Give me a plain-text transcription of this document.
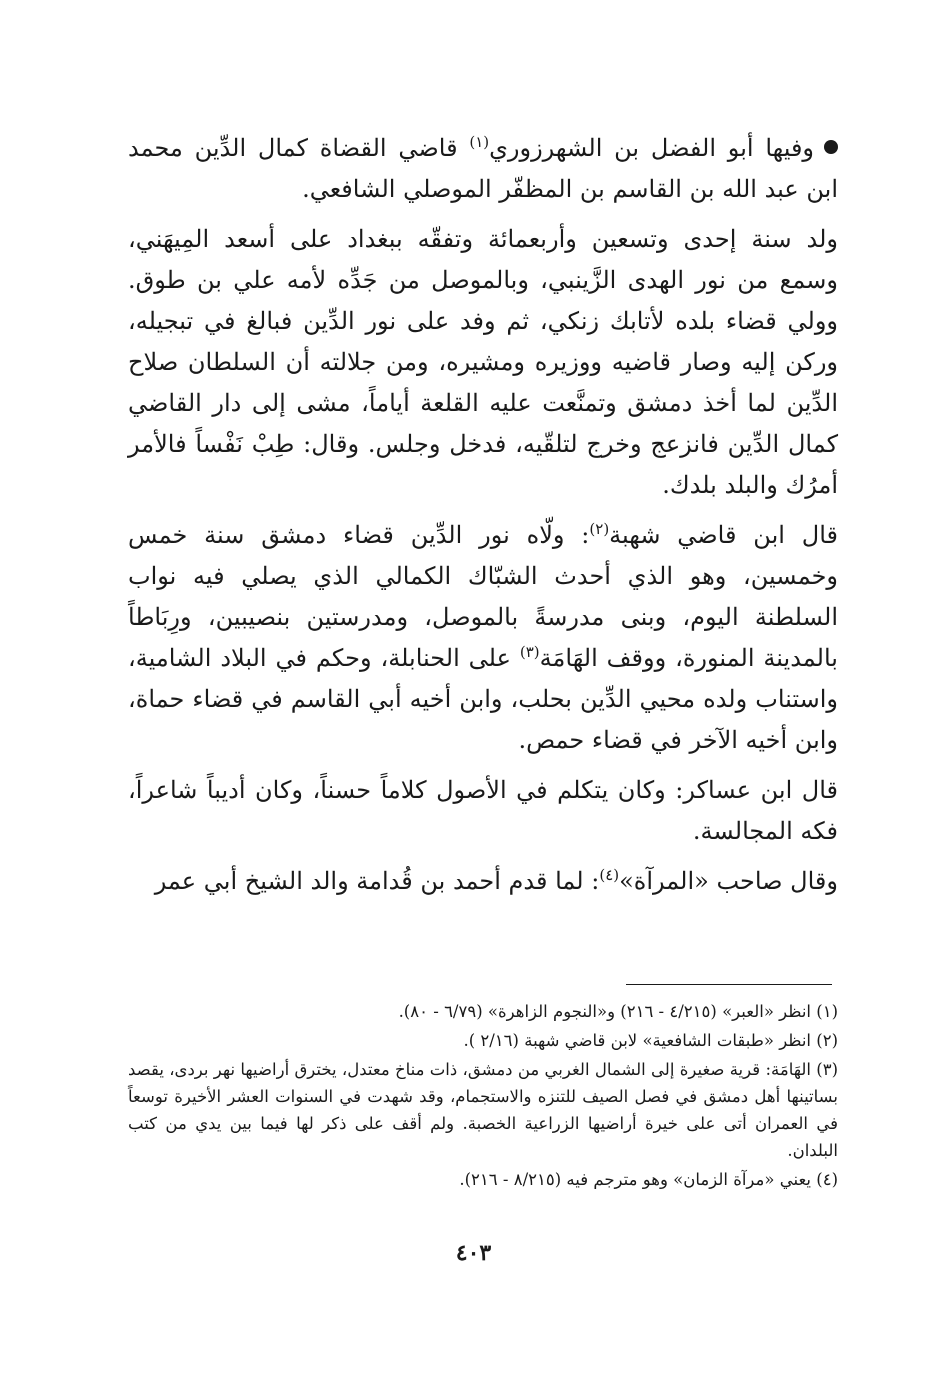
وفيها أبو الفضل بن الشهرزوري$^{(١)}$ قاضي القضاة كمال الدِّين محمد ابن عبد الله بن القاسم بن المظفّر الموصلي الشافعي.

ولد سنة إحدى وتسعين وأربعمائة وتفقّه ببغداد على أسعد المِيهَني، وسمع من نور الهدى الزَّينبي، وبالموصل من جَدِّه لأمه علي بن طوق. وولي قضاء بلده لأتابك زنكي، ثم وفد على نور الدِّين فبالغ في تبجيله، وركن إليه وصار قاضيه ووزيره ومشيره، ومن جلالته أن السلطان صلاح الدِّين لما أخذ دمشق وتمنَّعت عليه القلعة أياماً، مشى إلى دار القاضي كمال الدِّين فانزعج وخرج لتلقّيه، فدخل وجلس. وقال: طِبْ نَفْساً فالأمر أمرُك والبلد بلدك.

قال ابن قاضي شهبة$^{(٢)}$: ولّاه نور الدِّين قضاء دمشق سنة خمس وخمسين، وهو الذي أحدث الشبّاك الكمالي الذي يصلي فيه نواب السلطنة اليوم، وبنى مدرسةً بالموصل، ومدرستين بنصيبين، ورِبَاطاً بالمدينة المنورة، ووقف الهَامَة$^{(٣)}$ على الحنابلة، وحكم في البلاد الشامية، واستناب ولده محيي الدِّين بحلب، وابن أخيه أبي القاسم في قضاء حماة، وابن أخيه الآخر في قضاء حمص.

قال ابن عساكر: وكان يتكلم في الأصول كلاماً حسناً، وكان أديباً شاعراً، فكه المجالسة.

وقال صاحب «المرآة»$^{(٤)}$: لما قدم أحمد بن قُدامة والد الشيخ أبي عمر

(١) انظر «العبر» (٤/٢١٥ - ٢١٦) و«النجوم الزاهرة» (٦/٧٩ - ٨٠).

(٢) انظر «طبقات الشافعية» لابن قاضي شهبة (٢/١٦ ).

(٣) الهَامَة: قرية صغيرة إلى الشمال الغربي من دمشق، ذات مناخ معتدل، يخترق أراضيها نهر بردى، يقصد بساتينها أهل دمشق في فصل الصيف للتنزه والاستجمام، وقد شهدت في السنوات العشر الأخيرة توسعاً في العمران أتى على خيرة أراضيها الزراعية الخصبة. ولم أقف على ذكر لها فيما بين يدي من كتب البلدان.

(٤) يعني «مرآة الزمان» وهو مترجم فيه (٨/٢١٥ - ٢١٦).

٤٠٣
